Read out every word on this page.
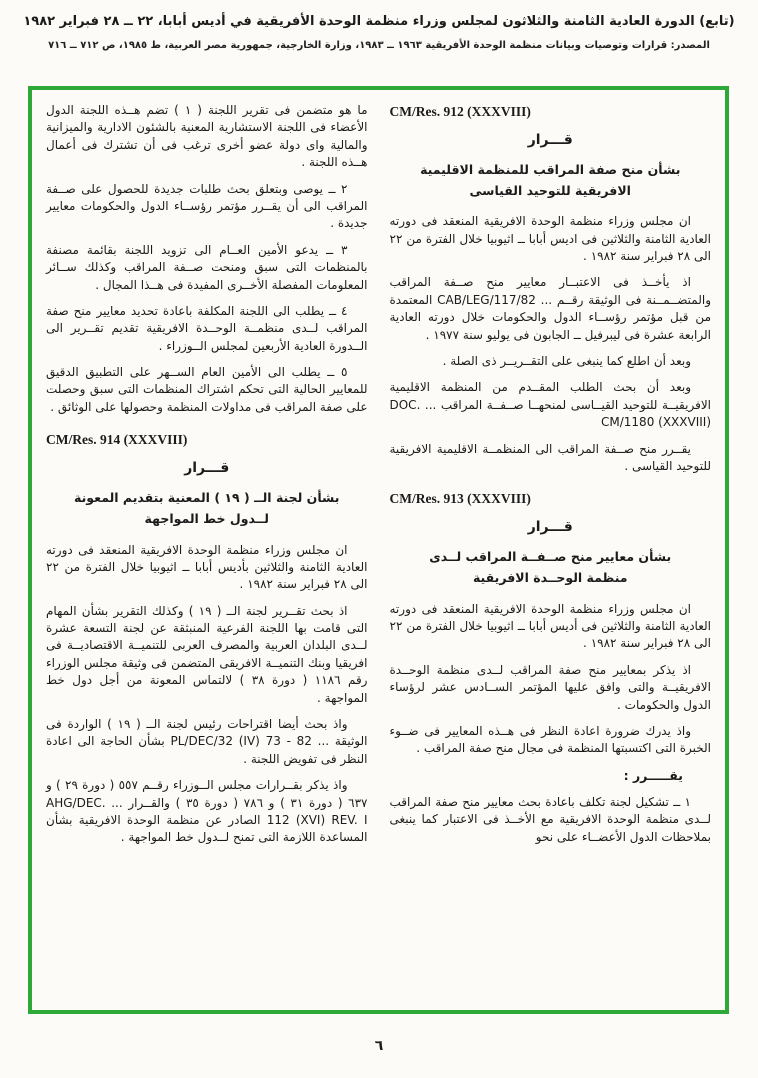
(تابع) الدورة العادية الثامنة والثلاثون لمجلس وزراء منظمة الوحدة الأفريقية في أديس أبابا، ٢٢ ــ ٢٨ فبراير ١٩٨٢
المصدر: قرارات وتوصيات وبيانات منظمة الوحدة الأفريقية ١٩٦٣ ــ ١٩٨٣، وزارة الخارجية، جمهورية مصر العربية، ط ١٩٨٥، ص ٧١٢ ــ ٧١٦
CM/Res. 912 (XXXVIII)
قـــرار
بشأن منح صفة المراقب للمنظمة الاقليمية الافريقية للتوحيد القياسى

ان مجلس وزراء منظمة الوحدة الافريقية المنعقد فى دورته العادية الثامنة والثلاثين فى اديس أبابا ــ اثيوبيا خلال الفترة من ٢٢ الى ٢٨ فبراير سنة ١٩٨٢ .

اذ يأخــذ فى الاعتبــار معايير منح صــفة المراقب والمتضــمــنة فى الوثيقة رقــم ... CAB/LEG/117/82 المعتمدة من قبل مؤتمر رؤســاء الدول والحكومات خلال دورته العادية الرابعة عشرة فى ليبرفيل ــ الجابون فى يوليو سنة ١٩٧٧ .

وبعد أن اطلع كما ينبغى على التقــريــر ذى الصلة .

وبعد أن بحث الطلب المقــدم من المنظمة الاقليمية الافريقيــة للتوحيد القيــاسى لمنحهــا صــفــة المراقب ... DOC. CM/1180 (XXXVIII)

يقــرر منح صــفة المراقب الى المنظمــة الاقليمية الافريقية للتوحيد القياسى .

CM/Res. 913 (XXXVIII)
قـــرار
بشأن معايير منح صــفــة المراقب لــدى منظمة الوحــدة الافريقية

ان مجلس وزراء منظمة الوحدة الافريقية المنعقد فى دورته العادية الثامنة والثلاثين فى أديس أبابا ــ اثيوبيا خلال الفترة من ٢٢ الى ٢٨ فبراير سنة ١٩٨٢ .

اذ يذكر بمعايير منح صفة المراقب لــدى منظمة الوحــدة الافريقيــة والتى وافق عليها المؤتمر الســادس عشر لرؤساء الدول والحكومات .

واذ يدرك ضرورة اعادة النظر فى هــذه المعايير فى ضــوء الخبرة التى اكتسبتها المنظمة فى مجال منح صفة المراقب .

يقـــــرر :

١ ــ تشكيل لجنة تكلف باعادة بحث معايير منح صفة المراقب لــدى منظمة الوحدة الافريقية مع الأخــذ فى الاعتبار كما ينبغى بملاحظات الدول الأعضــاء على نحو

ما هو متضمن فى تقرير اللجنة ( ١ ) تضم هــذه اللجنة الدول الأعضاء فى اللجنة الاستشارية المعنية بالشئون الادارية والميزانية والمالية واى دولة عضو أخرى ترغب فى أن تشترك فى أعمال هــذه اللجنة .

٢ ــ يوصى وبتعلق بحث طلبات جديدة للحصول على صــفة المراقب الى أن يقــرر مؤتمر رؤســاء الدول والحكومات معايير جديدة .

٣ ــ يدعو الأمين العــام الى تزويد اللجنة بقائمة مصنفة بالمنظمات التى سبق ومنحت صــفة المراقب وكذلك ســائر المعلومات المفصلة الأخــرى المفيدة فى هــذا المجال .

٤ ــ يطلب الى اللجنة المكلفة باعادة تحديد معايير منح صفة المراقب لــدى منظمــة الوحــدة الافريقية تقديم تقــرير الى الــدورة العادية الأربعين لمجلس الــوزراء .

٥ ــ يطلب الى الأمين العام الســهر على التطبيق الدقيق للمعايير الحالية التى تحكم اشتراك المنظمات التى سبق وحصلت على صفة المراقب فى مداولات المنظمة وحصولها على الوثائق .

CM/Res. 914 (XXXVIII)
قـــرار
بشأن لجنة الــ ( ١٩ ) المعنية بتقديم المعونة لــدول خط المواجهة

ان مجلس وزراء منظمة الوحدة الافريقية المنعقد فى دورته العادية الثامنة والثلاثين بأديس أبابا ــ اثيوبيا خلال الفترة من ٢٢ الى ٢٨ فبراير سنة ١٩٨٢ .

اذ بحث تقــرير لجنة الــ ( ١٩ ) وكذلك التقرير بشأن المهام التى قامت بها اللجنة الفرعية المنبثقة عن لجنة التسعة عشرة لــدى البلدان العربية والمصرف العربى للتنميــة الاقتصاديــة فى افريقيا وبنك التنميــة الافريقى المتضمن فى وثيقة مجلس الوزراء رقم ١١٨٦ ( دورة ٣٨ ) لالتماس المعونة من أجل دول خط المواجهة .

واذ بحث أيضا اقتراحات رئيس لجنة الــ ( ١٩ ) الواردة فى الوثيقة ... PL/DEC/32 (IV) 73 - 82 بشأن الحاجة الى اعادة النظر فى تفويض اللجنة .

واذ يذكر بقــرارات مجلس الــوزراء رقــم ٥٥٧ ( دورة ٢٩ ) و ٦٣٧ ( دورة ٣١ ) و ٧٨٦ ( دورة ٣٥ ) والقــرار ... AHG/DEC. 112 (XVI) REV. I الصادر عن منظمة الوحدة الافريقية بشأن المساعدة اللازمة التى تمنح لــدول خط المواجهة .

٦
